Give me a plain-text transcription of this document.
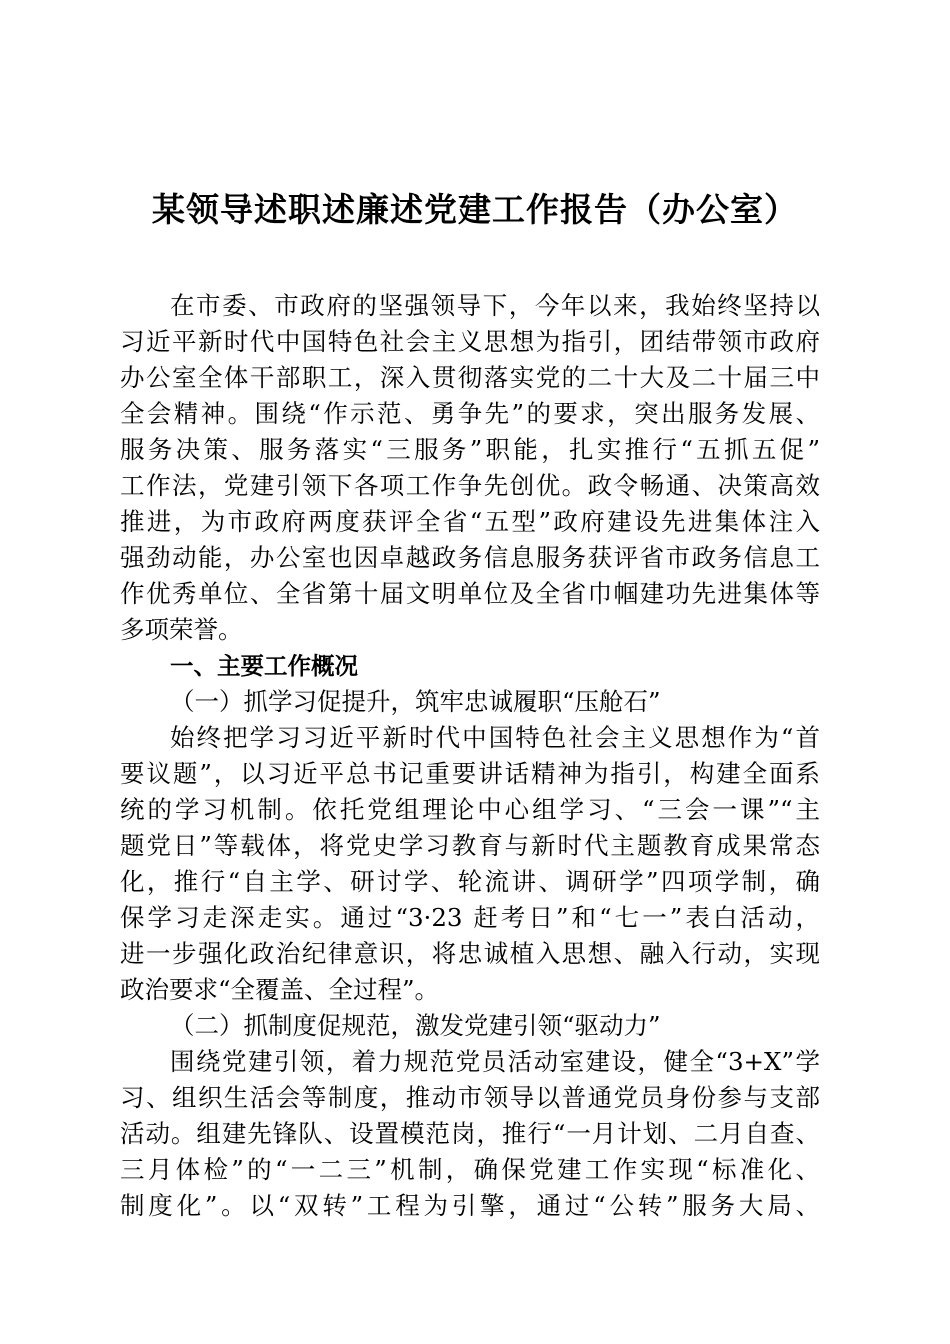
某领导述职述廉述党建工作报告（办公室）
在市委、市政府的坚强领导下，今年以来，我始终坚持以
习近平新时代中国特色社会主义思想为指引，团结带领市政府
办公室全体干部职工，深入贯彻落实党的二十大及二十届三中
全会精神。围绕“作示范、勇争先”的要求，突出服务发展、
服务决策、服务落实“三服务”职能，扎实推行“五抓五促”
工作法，党建引领下各项工作争先创优。政令畅通、决策高效
推进，为市政府两度获评全省“五型”政府建设先进集体注入
强劲动能，办公室也因卓越政务信息服务获评省市政务信息工
作优秀单位、全省第十届文明单位及全省巾帼建功先进集体等
多项荣誉。
一、主要工作概况
（一）抓学习促提升，筑牢忠诚履职“压舱石”
始终把学习习近平新时代中国特色社会主义思想作为“首
要议题”，以习近平总书记重要讲话精神为指引，构建全面系
统的学习机制。依托党组理论中心组学习、“三会一课”“主
题党日”等载体，将党史学习教育与新时代主题教育成果常态
化，推行“自主学、研讨学、轮流讲、调研学”四项学制，确
保学习走深走实。通过“3·23 赶考日”和“七一”表白活动，
进一步强化政治纪律意识，将忠诚植入思想、融入行动，实现
政治要求“全覆盖、全过程”。
（二）抓制度促规范，激发党建引领“驱动力”
围绕党建引领，着力规范党员活动室建设，健全“3+X”学
习、组织生活会等制度，推动市领导以普通党员身份参与支部
活动。组建先锋队、设置模范岗，推行“一月计划、二月自查、
三月体检”的“一二三”机制，确保党建工作实现“标准化、
制度化”。以“双转”工程为引擎，通过“公转”服务大局、
